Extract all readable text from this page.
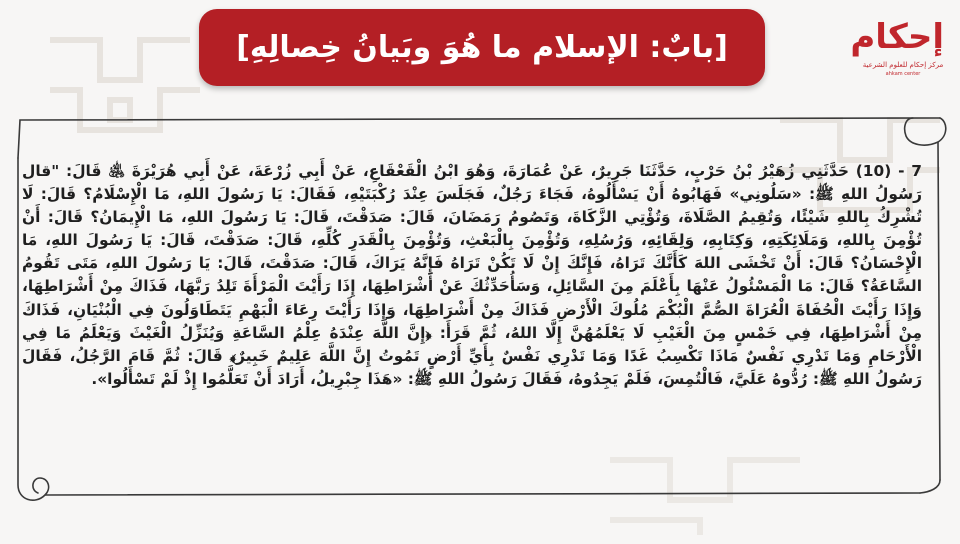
[بابٌ: الإسلام ما هُوَ وبَيانُ خِصالِهِ]	إحكام
مركز إحكام للعلوم الشرعية
ahkam center
7 - (10) حَدَّثَنِي زُهَيْرُ بْنُ حَرْبٍ، حَدَّثَنَا جَرِيرٌ، عَنْ عُمَارَةَ، وَهُوَ ابْنُ الْقَعْقَاعِ، عَنْ أَبِي زُرْعَةَ، عَنْ أَبِي هُرَيْرَةَ ﵁ قَالَ: "قال رَسُولُ اللهِ ﷺ: «سَلُونِي» فَهَابُوهُ أَنْ يَسْأَلُوهُ، فَجَاءَ رَجُلٌ، فَجَلَسَ عِنْدَ رُكْبَتَيْهِ، فَقَالَ: يَا رَسُولَ اللهِ، مَا الْإِسْلَامُ؟ قَالَ: لَا تُشْرِكُ بِاللهِ شَيْئًا، وَتُقِيمُ الصَّلَاةَ، وَتُؤْتِي الزَّكَاةَ، وَتَصُومُ رَمَضَانَ، قَالَ: صَدَقْتَ، قَالَ: يَا رَسُولَ اللهِ، مَا الْإِيمَانُ؟ قَالَ: أَنْ تُؤْمِنَ بِاللهِ، وَمَلَائِكَتِهِ، وَكِتَابِهِ، وَلِقَائِهِ، وَرُسُلِهِ، وَتُؤْمِنَ بِالْبَعْثِ، وَتُؤْمِنَ بِالْقَدَرِ كُلِّهِ، قَالَ: صَدَقْتَ، قَالَ: يَا رَسُولَ اللهِ، مَا الْإِحْسَانُ؟ قَالَ: أَنْ تَخْشَى اللهَ كَأَنَّكَ تَرَاهُ، فَإِنَّكَ إِنْ لَا تَكُنْ تَرَاهُ فَإِنَّهُ يَرَاكَ، قَالَ: صَدَقْتَ، قَالَ: يَا رَسُولَ اللهِ، مَتَى تَقُومُ السَّاعَةُ؟ قَالَ: مَا الْمَسْئُولُ عَنْهَا بِأَعْلَمَ مِنَ السَّائِلِ، وَسَأُحَدِّثُكَ عَنْ أَشْرَاطِهَا، إِذَا رَأَيْتَ الْمَرْأَةَ تَلِدُ رَبَّهَا، فَذَاكَ مِنْ أَشْرَاطِهَا، وَإِذَا رَأَيْتَ الْحُفَاةَ الْعُرَاةَ الصُّمَّ الْبُكْمَ مُلُوكَ الْأَرْضِ فَذَاكَ مِنْ أَشْرَاطِهَا، وَإِذَا رَأَيْتَ رِعَاءَ الْبَهْمِ يَتَطَاوَلُونَ فِي الْبُنْيَانِ، فَذَاكَ مِنْ أَشْرَاطِهَا، فِي خَمْسٍ مِنَ الْغَيْبِ لَا يَعْلَمُهُنَّ إِلَّا اللهُ، ثُمَّ قَرَأَ: ﴿إِنَّ اللَّهَ عِنْدَهُ عِلْمُ السَّاعَةِ وَيُنَزِّلُ الْغَيْثَ وَيَعْلَمُ مَا فِي الْأَرْحَامِ وَمَا تَدْرِي نَفْسٌ مَاذَا تَكْسِبُ غَدًا وَمَا تَدْرِي نَفْسٌ بِأَيِّ أَرْضٍ تَمُوتُ إِنَّ اللَّهَ عَلِيمٌ خَبِيرٌ﴾ قَالَ: ثُمَّ قَامَ الرَّجُلُ، فَقَالَ رَسُولُ اللهِ ﷺ: رُدُّوهُ عَلَيَّ، فَالْتُمِسَ، فَلَمْ يَجِدُوهُ، فَقَالَ رَسُولُ اللهِ ﷺ: «هَذَا جِبْرِيلُ، أَرَادَ أَنْ تَعَلَّمُوا إِذْ لَمْ تَسْأَلُوا».
